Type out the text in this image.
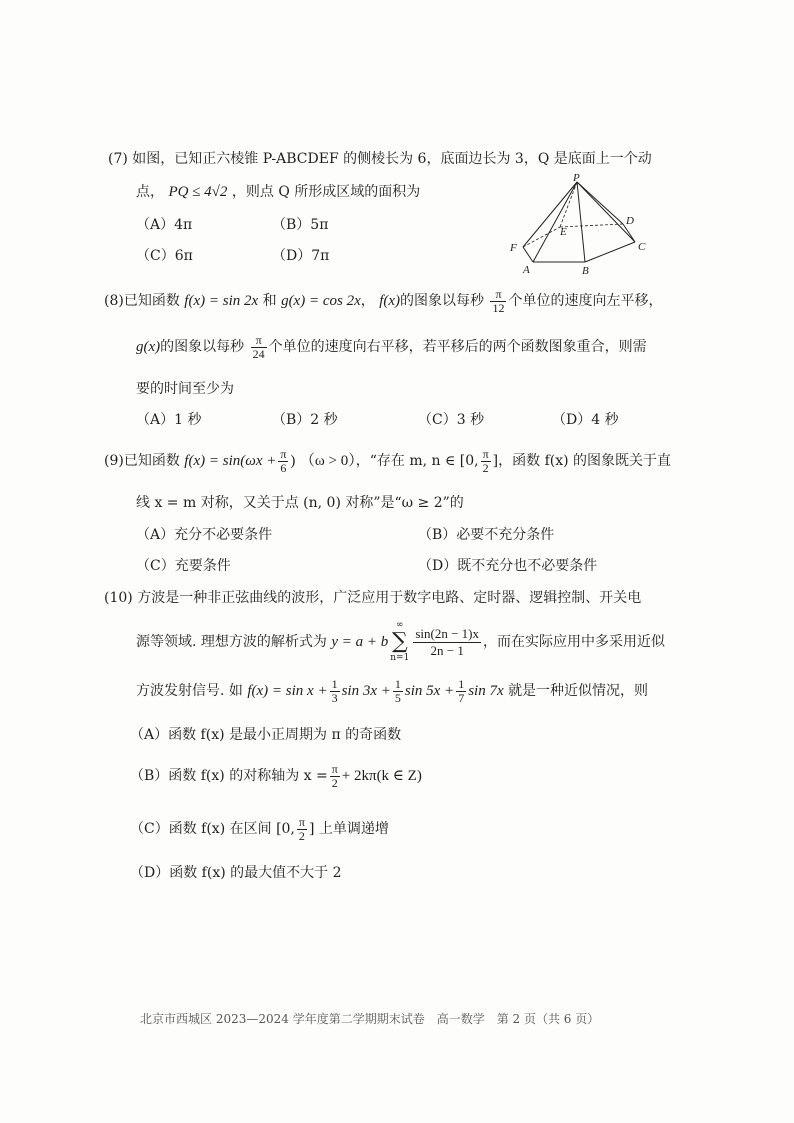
(7) 如图，已知正六棱锥 P-ABCDEF 的侧棱长为 6，底面边长为 3，Q 是底面上一个动
点， PQ ≤ 4√2 ，则点 Q 所形成区域的面积为
（A）4π	（B）5π
（C）6π	（D）7π
P
D
E
F	C
A	B
(8)已知函数 f(x) = sin 2x 和 g(x) = cos 2x， f(x)的图象以每秒 $\frac{\pi}{12}$ 个单位的速度向左平移，
g(x)的图象以每秒 $\frac{\pi}{24}$ 个单位的速度向右平移，若平移后的两个函数图象重合，则需
要的时间至少为
（A）1 秒	（B）2 秒	（C）3 秒	（D）4 秒
(9)已知函数 $f(x) = \sin(\omega x + \frac{\pi}{6}$ ) （ω > 0），“存在 m, n ∈ [0, $\frac{\pi}{2}$ ]，函数 f(x) 的图象既关于直
线 x = m 对称，又关于点 (n, 0) 对称”是“ω ≥ 2”的
（A）充分不必要条件	（B）必要不充分条件
（C）充要条件	（D）既不充分也不必要条件
(10) 方波是一种非正弦曲线的波形，广泛应用于数字电路、定时器、逻辑控制、开关电
源等领域. 理想方波的解析式为 y = a + b∞
∑
$n=1 \frac{\sin(2n - 1)x}{2n - 1}$ ，而在实际应用中多采用近似
方波发射信号. 如 $f(x) = \sin x + \frac{1}{3}$ $\sin 3x + \frac{1}{5}$ $\sin 5x + \frac{1}{7}$ sin 7x 就是一种近似情况，则
（A）函数 f(x) 是最小正周期为 π 的奇函数
（B）函数 f(x) 的对称轴为 $x = \frac{\pi}{2} + 2k\pi(k$ ∈ Z)
（C）函数 f(x) 在区间 [0, $\frac{\pi}{2}$ ] 上单调递增
（D）函数 f(x) 的最大值不大于 2
北京市西城区 2023—2024 学年度第二学期期末试卷　高一数学　第 2 页（共 6 页）
